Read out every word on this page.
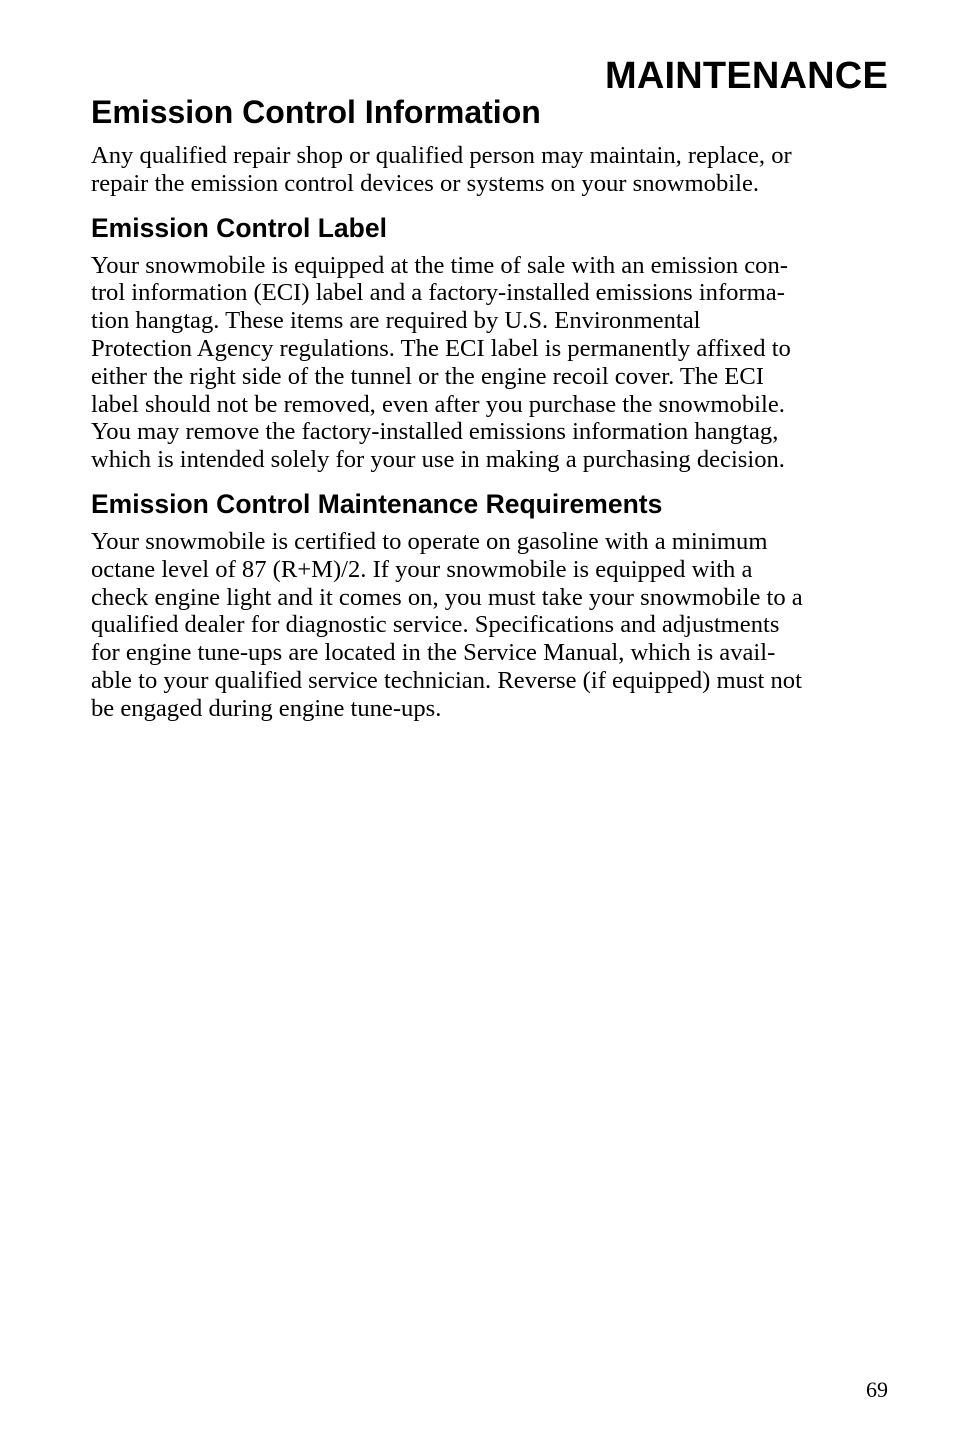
MAINTENANCE
Emission Control Information

Any qualified repair shop or qualified person may maintain, replace, or
repair the emission control devices or systems on your snowmobile.

Emission Control Label

Your snowmobile is equipped at the time of sale with an emission con-
trol information (ECI) label and a factory-installed emissions informa-
tion hangtag. These items are required by U.S. Environmental
Protection Agency regulations. The ECI label is permanently affixed to
either the right side of the tunnel or the engine recoil cover. The ECI
label should not be removed, even after you purchase the snowmobile.
You may remove the factory-installed emissions information hangtag,
which is intended solely for your use in making a purchasing decision.

Emission Control Maintenance Requirements

Your snowmobile is certified to operate on gasoline with a minimum
octane level of 87 (R+M)/2. If your snowmobile is equipped with a
check engine light and it comes on, you must take your snowmobile to a
qualified dealer for diagnostic service. Specifications and adjustments
for engine tune-ups are located in the Service Manual, which is avail-
able to your qualified service technician. Reverse (if equipped) must not
be engaged during engine tune-ups.

69
